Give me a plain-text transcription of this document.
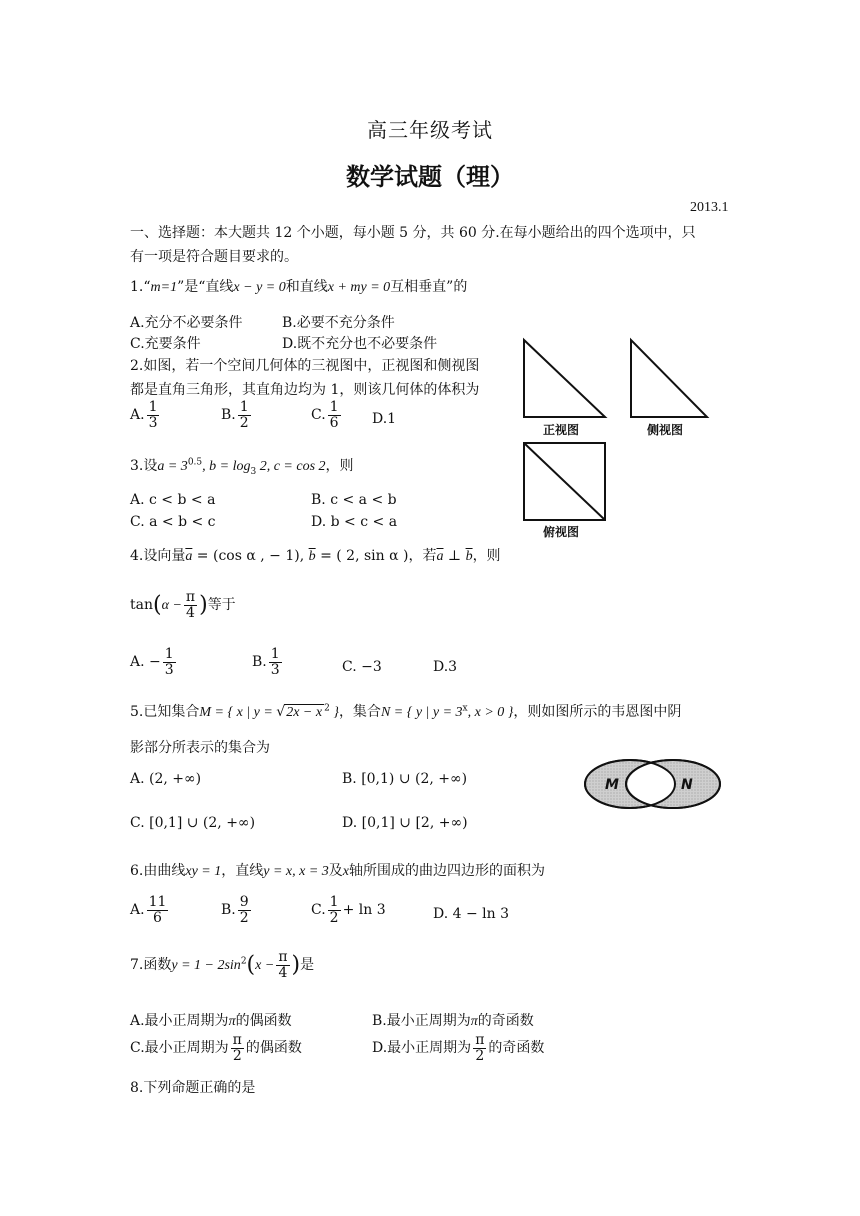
高三年级考试
数学试题（理）
2013.1
一、选择题：本大题共 12 个小题，每小题 5 分，共 60 分.在每小题给出的四个选项中，只
有一项是符合题目要求的。
1.“m=1”是“直线x − y = 0和直线x + my = 0互相垂直”的
A.充分不必要条件	B.必要不充分条件
C.充要条件	D.既不充分也不必要条件
2.如图，若一个空间几何体的三视图中，正视图和侧视图
都是直角三角形，其直角边均为 1，则该几何体的体积为
A. $\frac{1}{3}$	B. $\frac{1}{2}$	C. $\frac{1}{6} D.1$
正视图	侧视图
俯视图
3.设$a = 3^{0.5}$, $b = \log_3 2$, c = cos 2，则
A. c < b < a	B. c < a < b
C. a < b < c	D. b < c < a
4.设向量$\overline{a} = (\cos$ α , − 1), $\overline{b}$ = ( 2, sin α )，若$\overline{a}$ ⊥ $\overline{b}$，则
$\tan(\alpha - \frac{\pi}{4}$ )等于
A. − $\frac{1}{3}$	B. $\frac{1}{3}$	C. −3	D.3
5.已知集合M = { x | y = √2x − x $^2$ }，集合N = { y | $y = 3^x$, x > 0 }，则如图所示的韦恩图中阴
影部分所表示的集合为
A. (2, +∞)	B. [0,1) ∪ (2, +∞)
C. [0,1] ∪ (2, +∞)	D. [0,1] ∪ [2, +∞)
M	N
6.由曲线xy = 1，直线y = x, x = 3及x轴所围成的曲边四边形的面积为
A. $\frac{11}{6}$	B. $\frac{9}{2}$	C. $\frac{1}{2} + \ln 3$	D. 4 − ln 3
7.函数$y = 1 - 2\sin^2(x - \frac{\pi}{4}$ )是
A.最小正周期为π的偶函数	B.最小正周期为π的奇函数
C.最小正周期为 $\frac{\pi}{2}$ 的偶函数	D.最小正周期为 $\frac{\pi}{2}$ 的奇函数
8.下列命题正确的是
